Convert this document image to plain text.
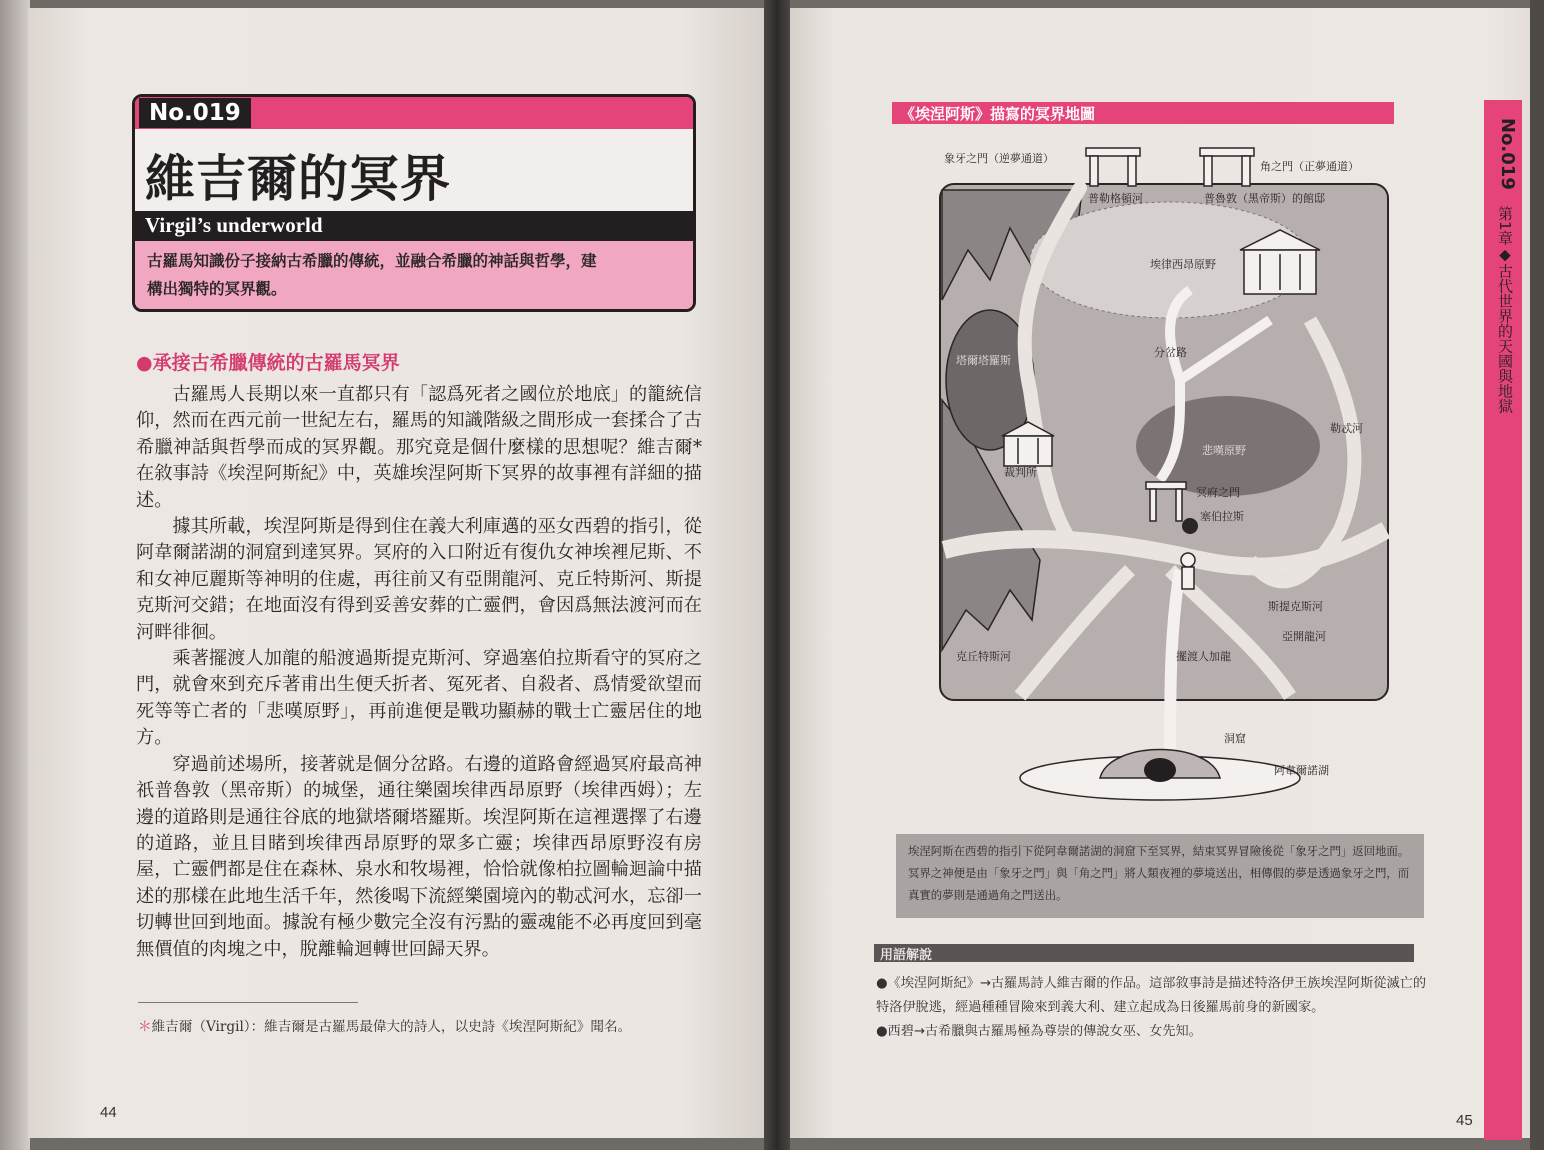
No.019
維吉爾的冥界
Virgil’s underworld
古羅馬知識份子接納古希臘的傳統，並融合希臘的神話與哲學，建
構出獨特的冥界觀。
●承接古希臘傳統的古羅馬冥界

古羅馬人長期以來一直都只有「認爲死者之國位於地底」的籠統信仰，然而在西元前一世紀左右，羅馬的知識階級之間形成一套揉合了古希臘神話與哲學而成的冥界觀。那究竟是個什麼樣的思想呢？維吉爾*在敘事詩《埃涅阿斯紀》中，英雄埃涅阿斯下冥界的故事裡有詳細的描述。

據其所載，埃涅阿斯是得到住在義大利庫邁的巫女西碧的指引，從阿韋爾諾湖的洞窟到達冥界。冥府的入口附近有復仇女神埃裡尼斯、不和女神厄麗斯等神明的住處，再往前又有亞開龍河、克丘特斯河、斯提克斯河交錯；在地面沒有得到妥善安葬的亡靈們，會因爲無法渡河而在河畔徘徊。

乘著擺渡人加龍的船渡過斯提克斯河、穿過塞伯拉斯看守的冥府之門，就會來到充斥著甫出生便夭折者、冤死者、自殺者、爲情愛欲望而死等等亡者的「悲嘆原野」，再前進便是戰功顯赫的戰士亡靈居住的地方。

穿過前述場所，接著就是個分岔路。右邊的道路會經過冥府最高神祇普魯敦（黑帝斯）的城堡，通往樂園埃律西昂原野（埃律西姆）；左邊的道路則是通往谷底的地獄塔爾塔羅斯。埃涅阿斯在這裡選擇了右邊的道路，並且目睹到埃律西昂原野的眾多亡靈；埃律西昂原野沒有房屋，亡靈們都是住在森林、泉水和牧場裡，恰恰就像柏拉圖輪迴論中描述的那樣在此地生活千年，然後喝下流經樂園境內的勒忒河水，忘卻一切轉世回到地面。據說有極少數完全沒有污點的靈魂能不必再度回到毫無價值的肉塊之中，脫離輪迴轉世回歸天界。

＊維吉爾（Virgil）：維吉爾是古羅馬最偉大的詩人，以史詩《埃涅阿斯紀》聞名。
44
《埃涅阿斯》描寫的冥界地圖
象牙之門（逆夢通道）
角之門（正夢通道）
普勒格頓河	普魯敦（黑帝斯）的館邸
埃律西昂原野
分岔路
塔爾塔羅斯
裁判所
悲嘆原野
勒忒河
冥府之門
塞伯拉斯
斯提克斯河
亞開龍河
克丘特斯河	擺渡人加龍
洞窟
阿韋爾諾湖
埃涅阿斯在西碧的指引下從阿韋爾諾湖的洞窟下至冥界，結束冥界冒險後從「象牙之門」返回地面。冥界之神便是由「象牙之門」與「角之門」將人類夜裡的夢境送出，相傳假的夢是透過象牙之門，而真實的夢則是通過角之門送出。
用語解說
●《埃涅阿斯紀》→古羅馬詩人維吉爾的作品。這部敘事詩是描述特洛伊王族埃涅阿斯從滅亡的特洛伊脫逃，經過種種冒險來到義大利、建立起成為日後羅馬前身的新國家。
●西碧→古希臘與古羅馬極為尊崇的傳說女巫、女先知。
No.019
第1章◆古代世界的天國與地獄
45
